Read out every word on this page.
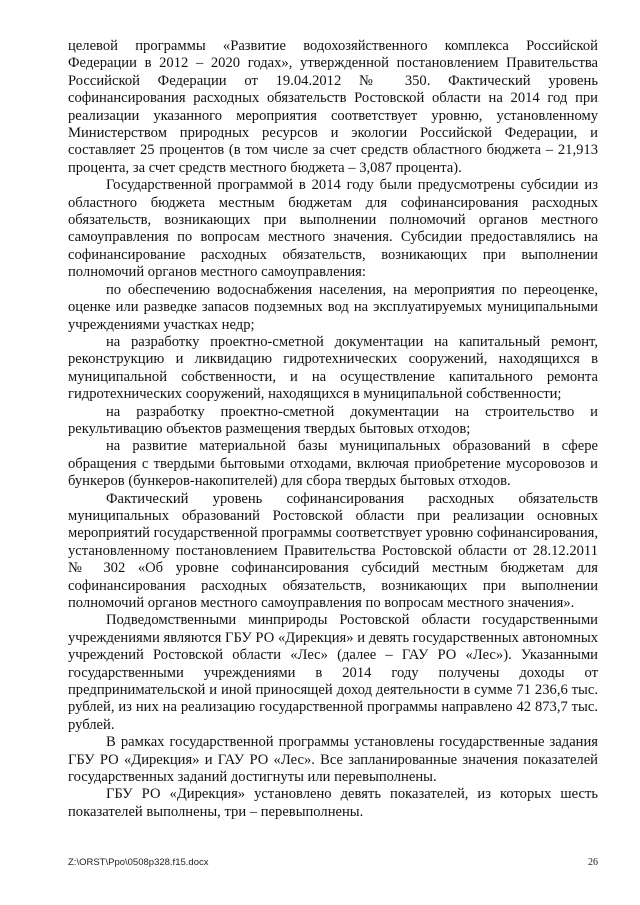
целевой программы «Развитие водохозяйственного комплекса Российской Федерации в 2012 – 2020 годах», утвержденной постановлением Правительства Российской Федерации от 19.04.2012 № 350. Фактический уровень софинансирования расходных обязательств Ростовской области на 2014 год при реализации указанного мероприятия соответствует уровню, установленному Министерством природных ресурсов и экологии Российской Федерации, и составляет 25 процентов (в том числе за счет средств областного бюджета – 21,913 процента, за счет средств местного бюджета – 3,087 процента).

Государственной программой в 2014 году были предусмотрены субсидии из областного бюджета местным бюджетам для софинансирования расходных обязательств, возникающих при выполнении полномочий органов местного самоуправления по вопросам местного значения. Субсидии предоставлялись на софинансирование расходных обязательств, возникающих при выполнении полномочий органов местного самоуправления:

по обеспечению водоснабжения населения, на мероприятия по переоценке, оценке или разведке запасов подземных вод на эксплуатируемых муниципальными учреждениями участках недр;

на разработку проектно-сметной документации на капитальный ремонт, реконструкцию и ликвидацию гидротехнических сооружений, находящихся в муниципальной собственности, и на осуществление капитального ремонта гидротехнических сооружений, находящихся в муниципальной собственности;

на разработку проектно-сметной документации на строительство и рекультивацию объектов размещения твердых бытовых отходов;

на развитие материальной базы муниципальных образований в сфере обращения с твердыми бытовыми отходами, включая приобретение мусоровозов и бункеров (бункеров-накопителей) для сбора твердых бытовых отходов.

Фактический уровень софинансирования расходных обязательств муниципальных образований Ростовской области при реализации основных мероприятий государственной программы соответствует уровню софинансирования, установленному постановлением Правительства Ростовской области от 28.12.2011 № 302 «Об уровне софинансирования субсидий местным бюджетам для софинансирования расходных обязательств, возникающих при выполнении полномочий органов местного самоуправления по вопросам местного значения».

Подведомственными минприроды Ростовской области государственными учреждениями являются ГБУ РО «Дирекция» и девять государственных автономных учреждений Ростовской области «Лес» (далее – ГАУ РО «Лес»). Указанными государственными учреждениями в 2014 году получены доходы от предпринимательской и иной приносящей доход деятельности в сумме 71 236,6 тыс. рублей, из них на реализацию государственной программы направлено 42 873,7 тыс. рублей.

В рамках государственной программы установлены государственные задания ГБУ РО «Дирекция» и ГАУ РО «Лес». Все запланированные значения показателей государственных заданий достигнуты или перевыполнены.

ГБУ РО «Дирекция» установлено девять показателей, из которых шесть показателей выполнены, три – перевыполнены.

Z:\ORST\Ppo\0508p328.f15.docx	26
